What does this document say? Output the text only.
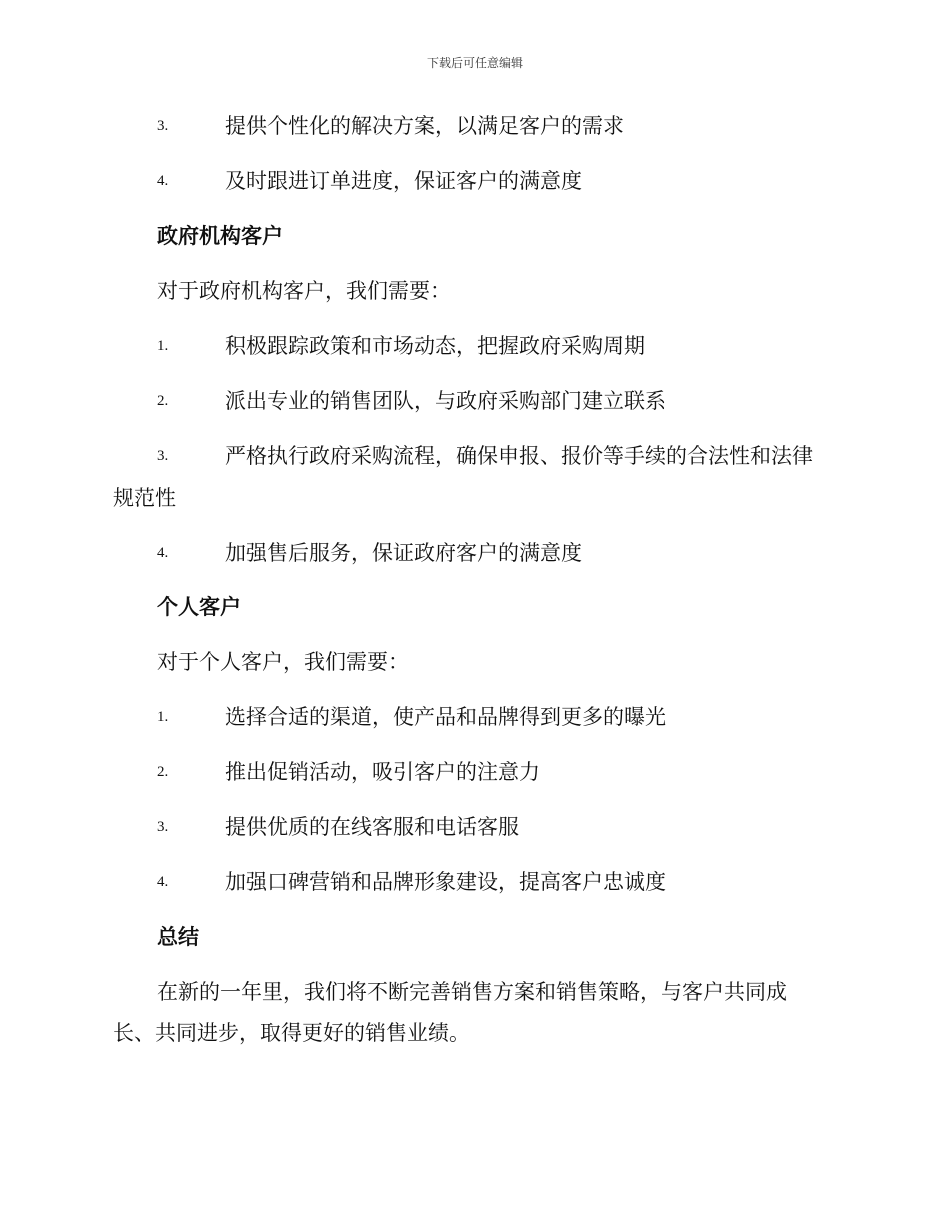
下载后可任意编辑
3.	提供个性化的解决方案，以满足客户的需求
4.	及时跟进订单进度，保证客户的满意度
政府机构客户
对于政府机构客户，我们需要：
1.	积极跟踪政策和市场动态，把握政府采购周期
2.	派出专业的销售团队，与政府采购部门建立联系
3.	严格执行政府采购流程，确保申报、报价等手续的合法性和法律
规范性
4.	加强售后服务，保证政府客户的满意度
个人客户
对于个人客户，我们需要：
1.	选择合适的渠道，使产品和品牌得到更多的曝光
2.	推出促销活动，吸引客户的注意力
3.	提供优质的在线客服和电话客服
4.	加强口碑营销和品牌形象建设，提高客户忠诚度
总结
在新的一年里，我们将不断完善销售方案和销售策略，与客户共同成
长、共同进步，取得更好的销售业绩。
